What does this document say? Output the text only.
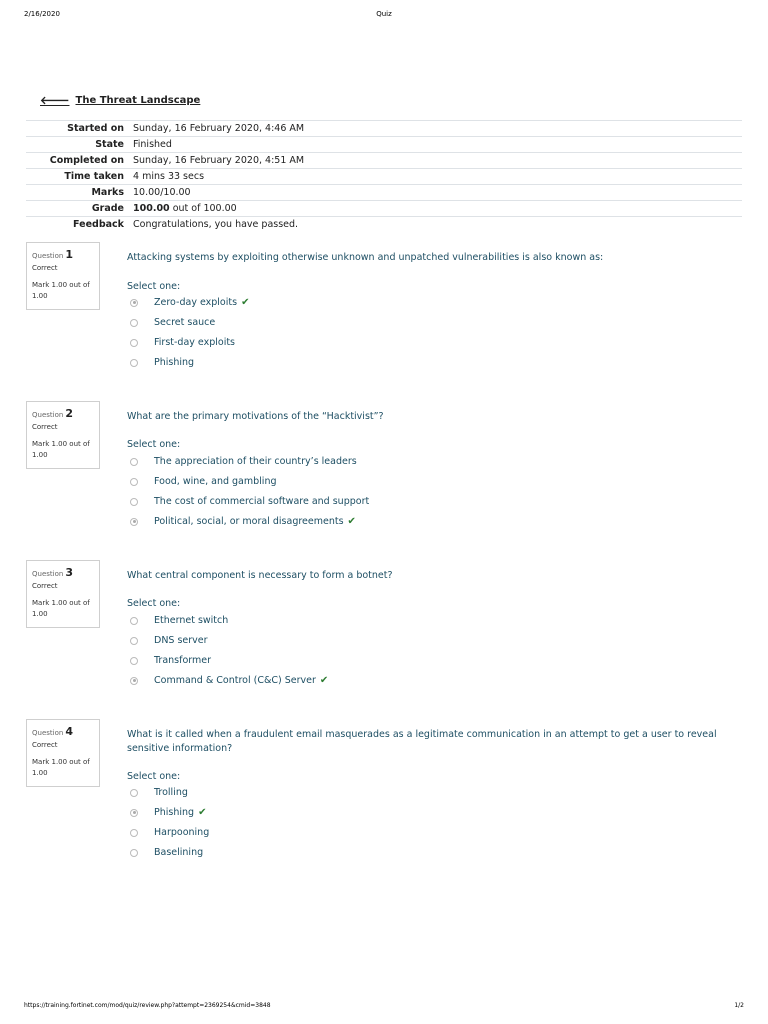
2/16/2020	Quiz
🡐 The Threat Landscape
Started on	Sunday, 16 February 2020, 4:46 AM
State	Finished
Completed on	Sunday, 16 February 2020, 4:51 AM
Time taken	4 mins 33 secs
Marks	10.00/10.00
Grade	100.00 out of 100.00
Feedback	Congratulations, you have passed.
Question 1
Correct
Mark 1.00 out of 1.00
Attacking systems by exploiting otherwise unknown and unpatched vulnerabilities is also known as:
Select one:
Zero-day exploits ✔
Secret sauce
First-day exploits
Phishing
Question 2
Correct
Mark 1.00 out of 1.00
What are the primary motivations of the “Hacktivist”?
Select one:
The appreciation of their country’s leaders
Food, wine, and gambling
The cost of commercial software and support
Political, social, or moral disagreements ✔
Question 3
Correct
Mark 1.00 out of 1.00
What central component is necessary to form a botnet?
Select one:
Ethernet switch
DNS server
Transformer
Command & Control (C&C) Server ✔
Question 4
Correct
Mark 1.00 out of 1.00
What is it called when a fraudulent email masquerades as a legitimate communication in an attempt to get a user to reveal sensitive information?
Select one:
Trolling
Phishing ✔
Harpooning
Baselining
https://training.fortinet.com/mod/quiz/review.php?attempt=2369254&cmid=3848	1/2
